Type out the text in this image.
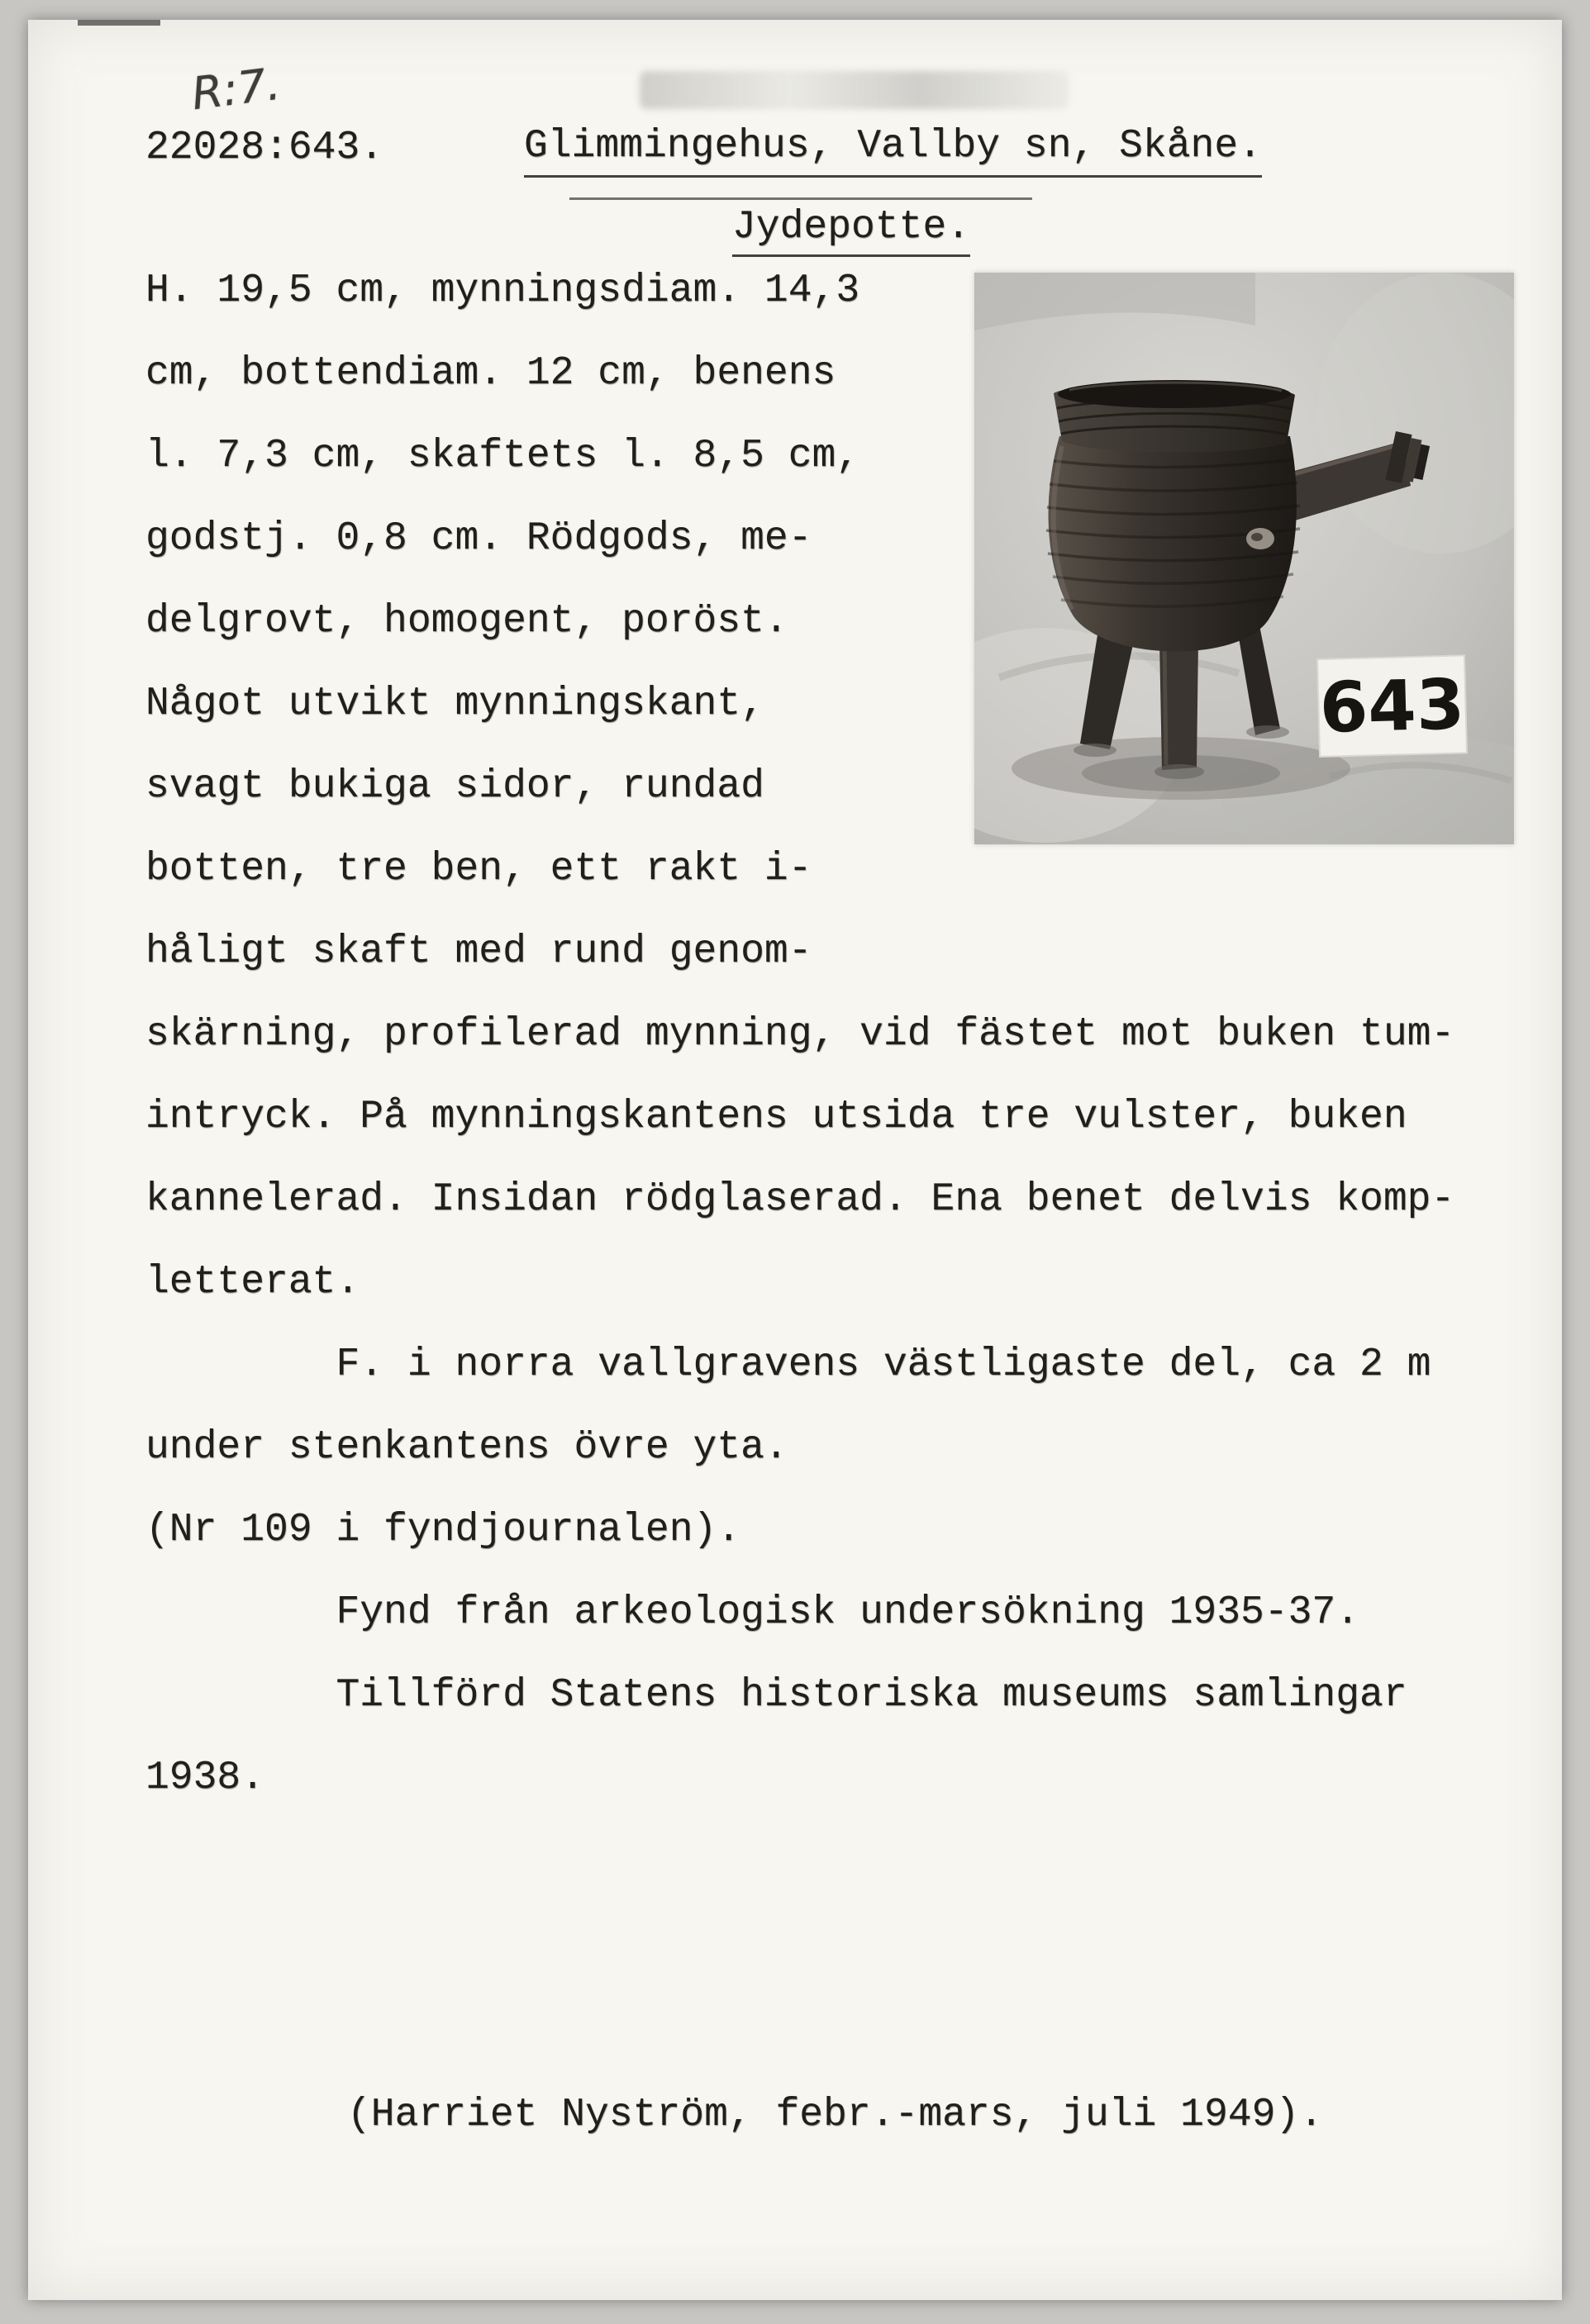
R:7.
22028:643.	Glimmingehus, Vallby sn, Skåne.
Jydepotte.
H. 19,5 cm, mynningsdiam. 14,3
cm, bottendiam. 12 cm, benens
l. 7,3 cm, skaftets l. 8,5 cm,
godstj. 0,8 cm. Rödgods, me-
delgrovt, homogent, poröst.
Något utvikt mynningskant,
svagt bukiga sidor, rundad
botten, tre ben, ett rakt i-
håligt skaft med rund genom-
skärning, profilerad mynning, vid fästet mot buken tum-
intryck. På mynningskantens utsida tre vulster, buken
kannelerad. Insidan rödglaserad. Ena benet delvis komp-
letterat.
F. i norra vallgravens västligaste del, ca 2 m
under stenkantens övre yta.
(Nr 109 i fyndjournalen).
Fynd från arkeologisk undersökning 1935-37.
Tillförd Statens historiska museums samlingar
1938.
(Harriet Nyström, febr.-mars, juli 1949).
643
